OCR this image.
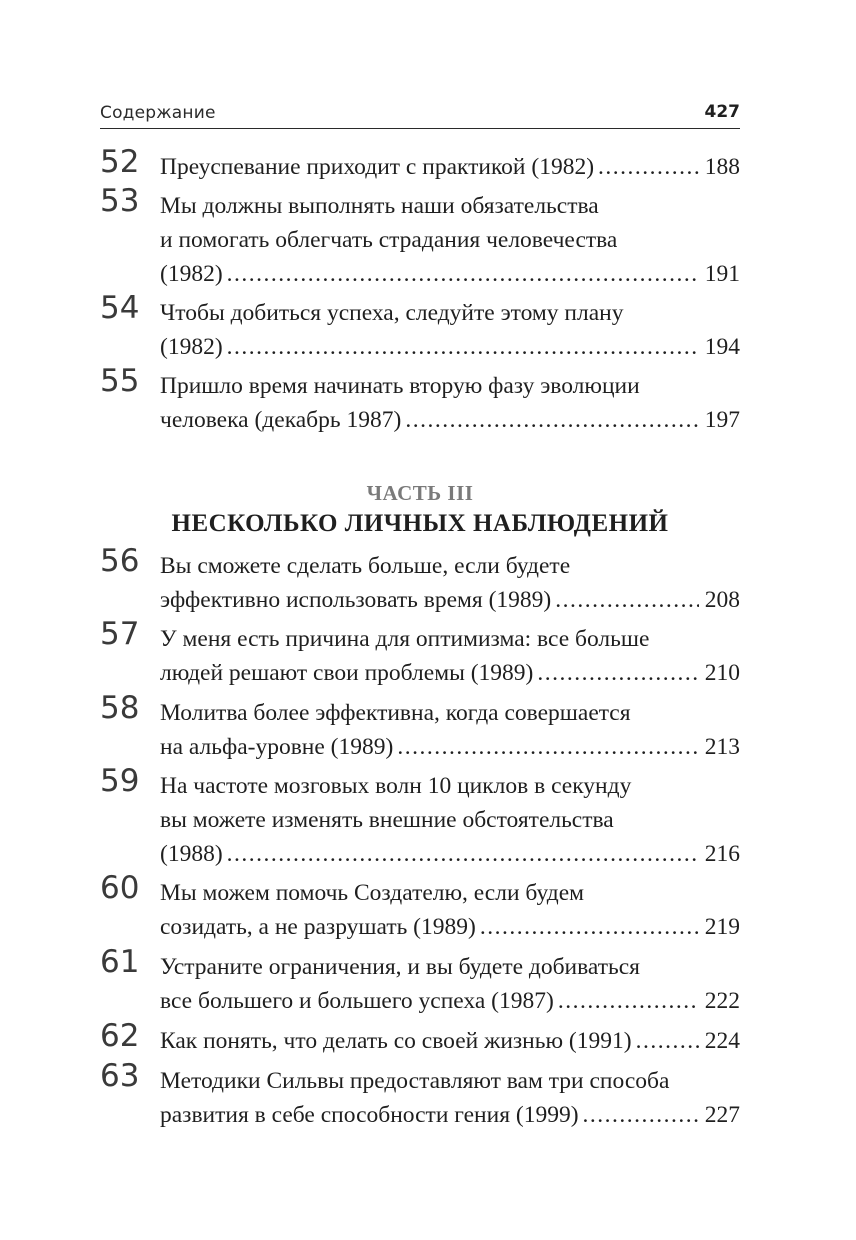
Содержание	427
52 Преуспевание приходит с практикой (1982) .....	188
53 Мы должны выполнять наши обязательства
и помогать облегчать страдания человечества
(1982) .....	191
54 Чтобы добиться успеха, следуйте этому плану
(1982) .....	194
55 Пришло время начинать вторую фазу эволюции
человека (декабрь 1987) .....	197
ЧАСТЬ III
НЕСКОЛЬКО ЛИЧНЫХ НАБЛЮДЕНИЙ
56 Вы сможете сделать больше, если будете
эффективно использовать время (1989) .....	208
57 У меня есть причина для оптимизма: все больше
людей решают свои проблемы (1989) .....	210
58 Молитва более эффективна, когда совершается
на альфа-уровне (1989) .....	213
59 На частоте мозговых волн 10 циклов в секунду
вы можете изменять внешние обстоятельства
(1988) .....	216
60 Мы можем помочь Создателю, если будем
созидать, а не разрушать (1989) .....	219
61 Устраните ограничения, и вы будете добиваться
все большего и большего успеха (1987) .....	222
62 Как понять, что делать со своей жизнью (1991) .....	224
63 Методики Сильвы предоставляют вам три способа
развития в себе способности гения (1999) .....	227
